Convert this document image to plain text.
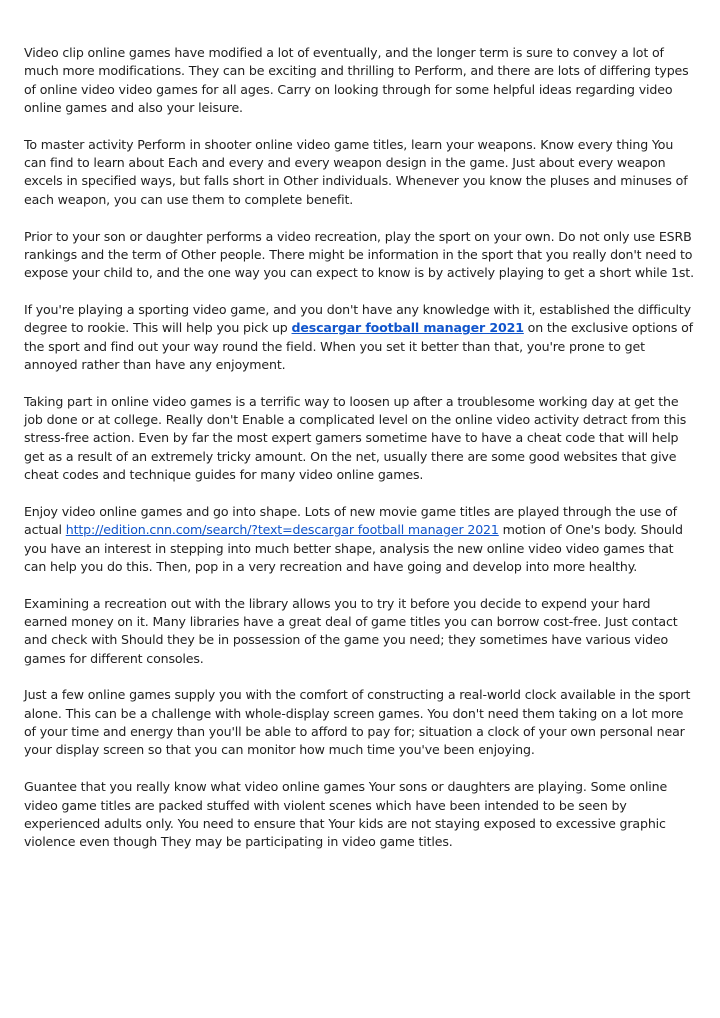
Video clip online games have modified a lot of eventually, and the longer term is sure to convey a lot of much more modifications. They can be exciting and thrilling to Perform, and there are lots of differing types of online video video games for all ages. Carry on looking through for some helpful ideas regarding video online games and also your leisure.

To master activity Perform in shooter online video game titles, learn your weapons. Know every thing You can find to learn about Each and every and every weapon design in the game. Just about every weapon excels in specified ways, but falls short in Other individuals. Whenever you know the pluses and minuses of each weapon, you can use them to complete benefit.

Prior to your son or daughter performs a video recreation, play the sport on your own. Do not only use ESRB rankings and the term of Other people. There might be information in the sport that you really don't need to expose your child to, and the one way you can expect to know is by actively playing to get a short while 1st.

If you're playing a sporting video game, and you don't have any knowledge with it, established the difficulty degree to rookie. This will help you pick up descargar football manager 2021 on the exclusive options of the sport and find out your way round the field. When you set it better than that, you're prone to get annoyed rather than have any enjoyment.

Taking part in online video games is a terrific way to loosen up after a troublesome working day at get the job done or at college. Really don't Enable a complicated level on the online video activity detract from this stress-free action. Even by far the most expert gamers sometime have to have a cheat code that will help get as a result of an extremely tricky amount. On the net, usually there are some good websites that give cheat codes and technique guides for many video online games.

Enjoy video online games and go into shape. Lots of new movie game titles are played through the use of actual http://edition.cnn.com/search/?text=descargar football manager 2021 motion of One's body. Should you have an interest in stepping into much better shape, analysis the new online video video games that can help you do this. Then, pop in a very recreation and have going and develop into more healthy.

Examining a recreation out with the library allows you to try it before you decide to expend your hard earned money on it. Many libraries have a great deal of game titles you can borrow cost-free. Just contact and check with Should they be in possession of the game you need; they sometimes have various video games for different consoles.

Just a few online games supply you with the comfort of constructing a real-world clock available in the sport alone. This can be a challenge with whole-display screen games. You don't need them taking on a lot more of your time and energy than you'll be able to afford to pay for; situation a clock of your own personal near your display screen so that you can monitor how much time you've been enjoying.

Guantee that you really know what video online games Your sons or daughters are playing. Some online video game titles are packed stuffed with violent scenes which have been intended to be seen by experienced adults only. You need to ensure that Your kids are not staying exposed to excessive graphic violence even though They may be participating in video game titles.
